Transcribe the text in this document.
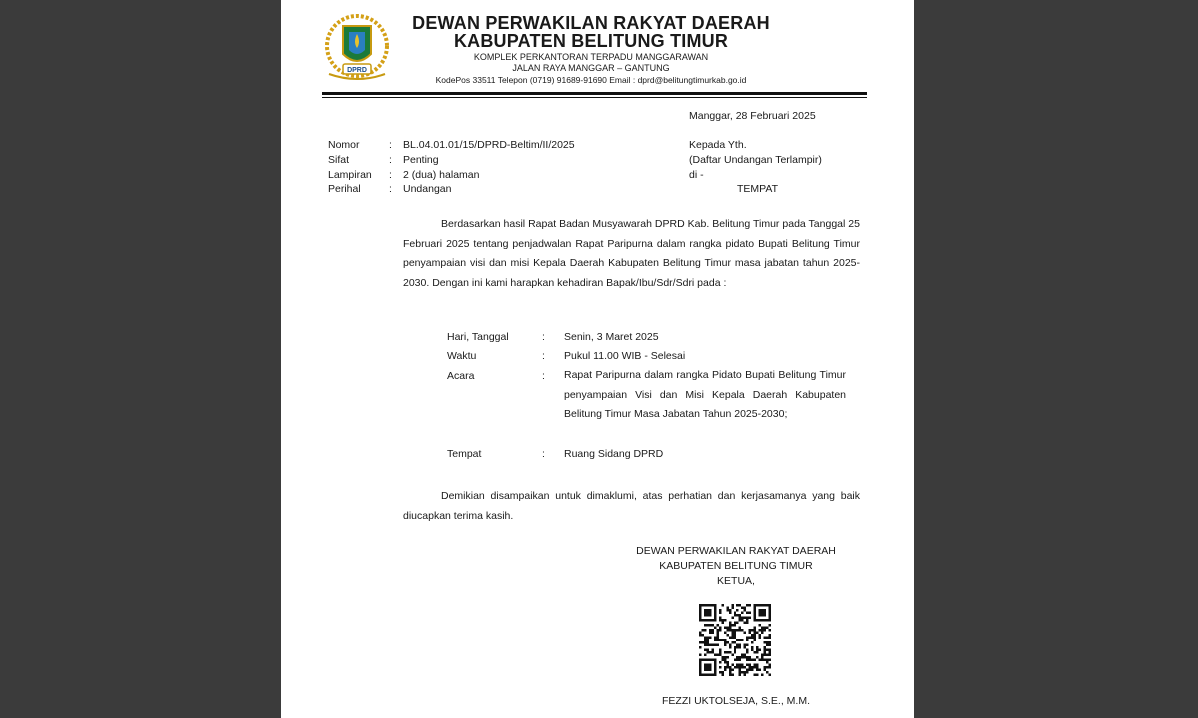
DPRD
DEWAN PERWAKILAN RAKYAT DAERAH
KABUPATEN BELITUNG TIMUR
KOMPLEK PERKANTORAN TERPADU MANGGARAWAN
JALAN RAYA MANGGAR – GANTUNG
KodePos 33511 Telepon (0719) 91689-91690 Email : dprd@belitungtimurkab.go.id
Manggar, 28 Februari 2025
Nomor	: BL.04.01.01/15/DPRD-Beltim/II/2025
Sifat	: Penting
Lampiran : 2 (dua) halaman
Perihal	: Undangan
Kepada Yth.
(Daftar Undangan Terlampir)
di -
TEMPAT
Berdasarkan hasil Rapat Badan Musyawarah DPRD Kab. Belitung Timur pada Tanggal 25 Februari 2025 tentang penjadwalan Rapat Paripurna dalam rangka pidato Bupati Belitung Timur penyampaian visi dan misi Kepala Daerah Kabupaten Belitung Timur masa jabatan tahun 2025-2030. Dengan ini kami harapkan kehadiran Bapak/Ibu/Sdr/Sdri pada :
Hari, Tanggal	: Senin, 3 Maret 2025
Waktu	: Pukul 11.00 WIB - Selesai
Acara	: Rapat Paripurna dalam rangka Pidato Bupati Belitung Timur penyampaian Visi dan Misi Kepala Daerah Kabupaten Belitung Timur Masa Jabatan Tahun 2025-2030;
Tempat	: Ruang Sidang DPRD
Demikian disampaikan untuk dimaklumi, atas perhatian dan kerjasamanya yang baik diucapkan terima kasih.
DEWAN PERWAKILAN RAKYAT DAERAH
KABUPATEN BELITUNG TIMUR
KETUA,
FEZZI UKTOLSEJA, S.E., M.M.
